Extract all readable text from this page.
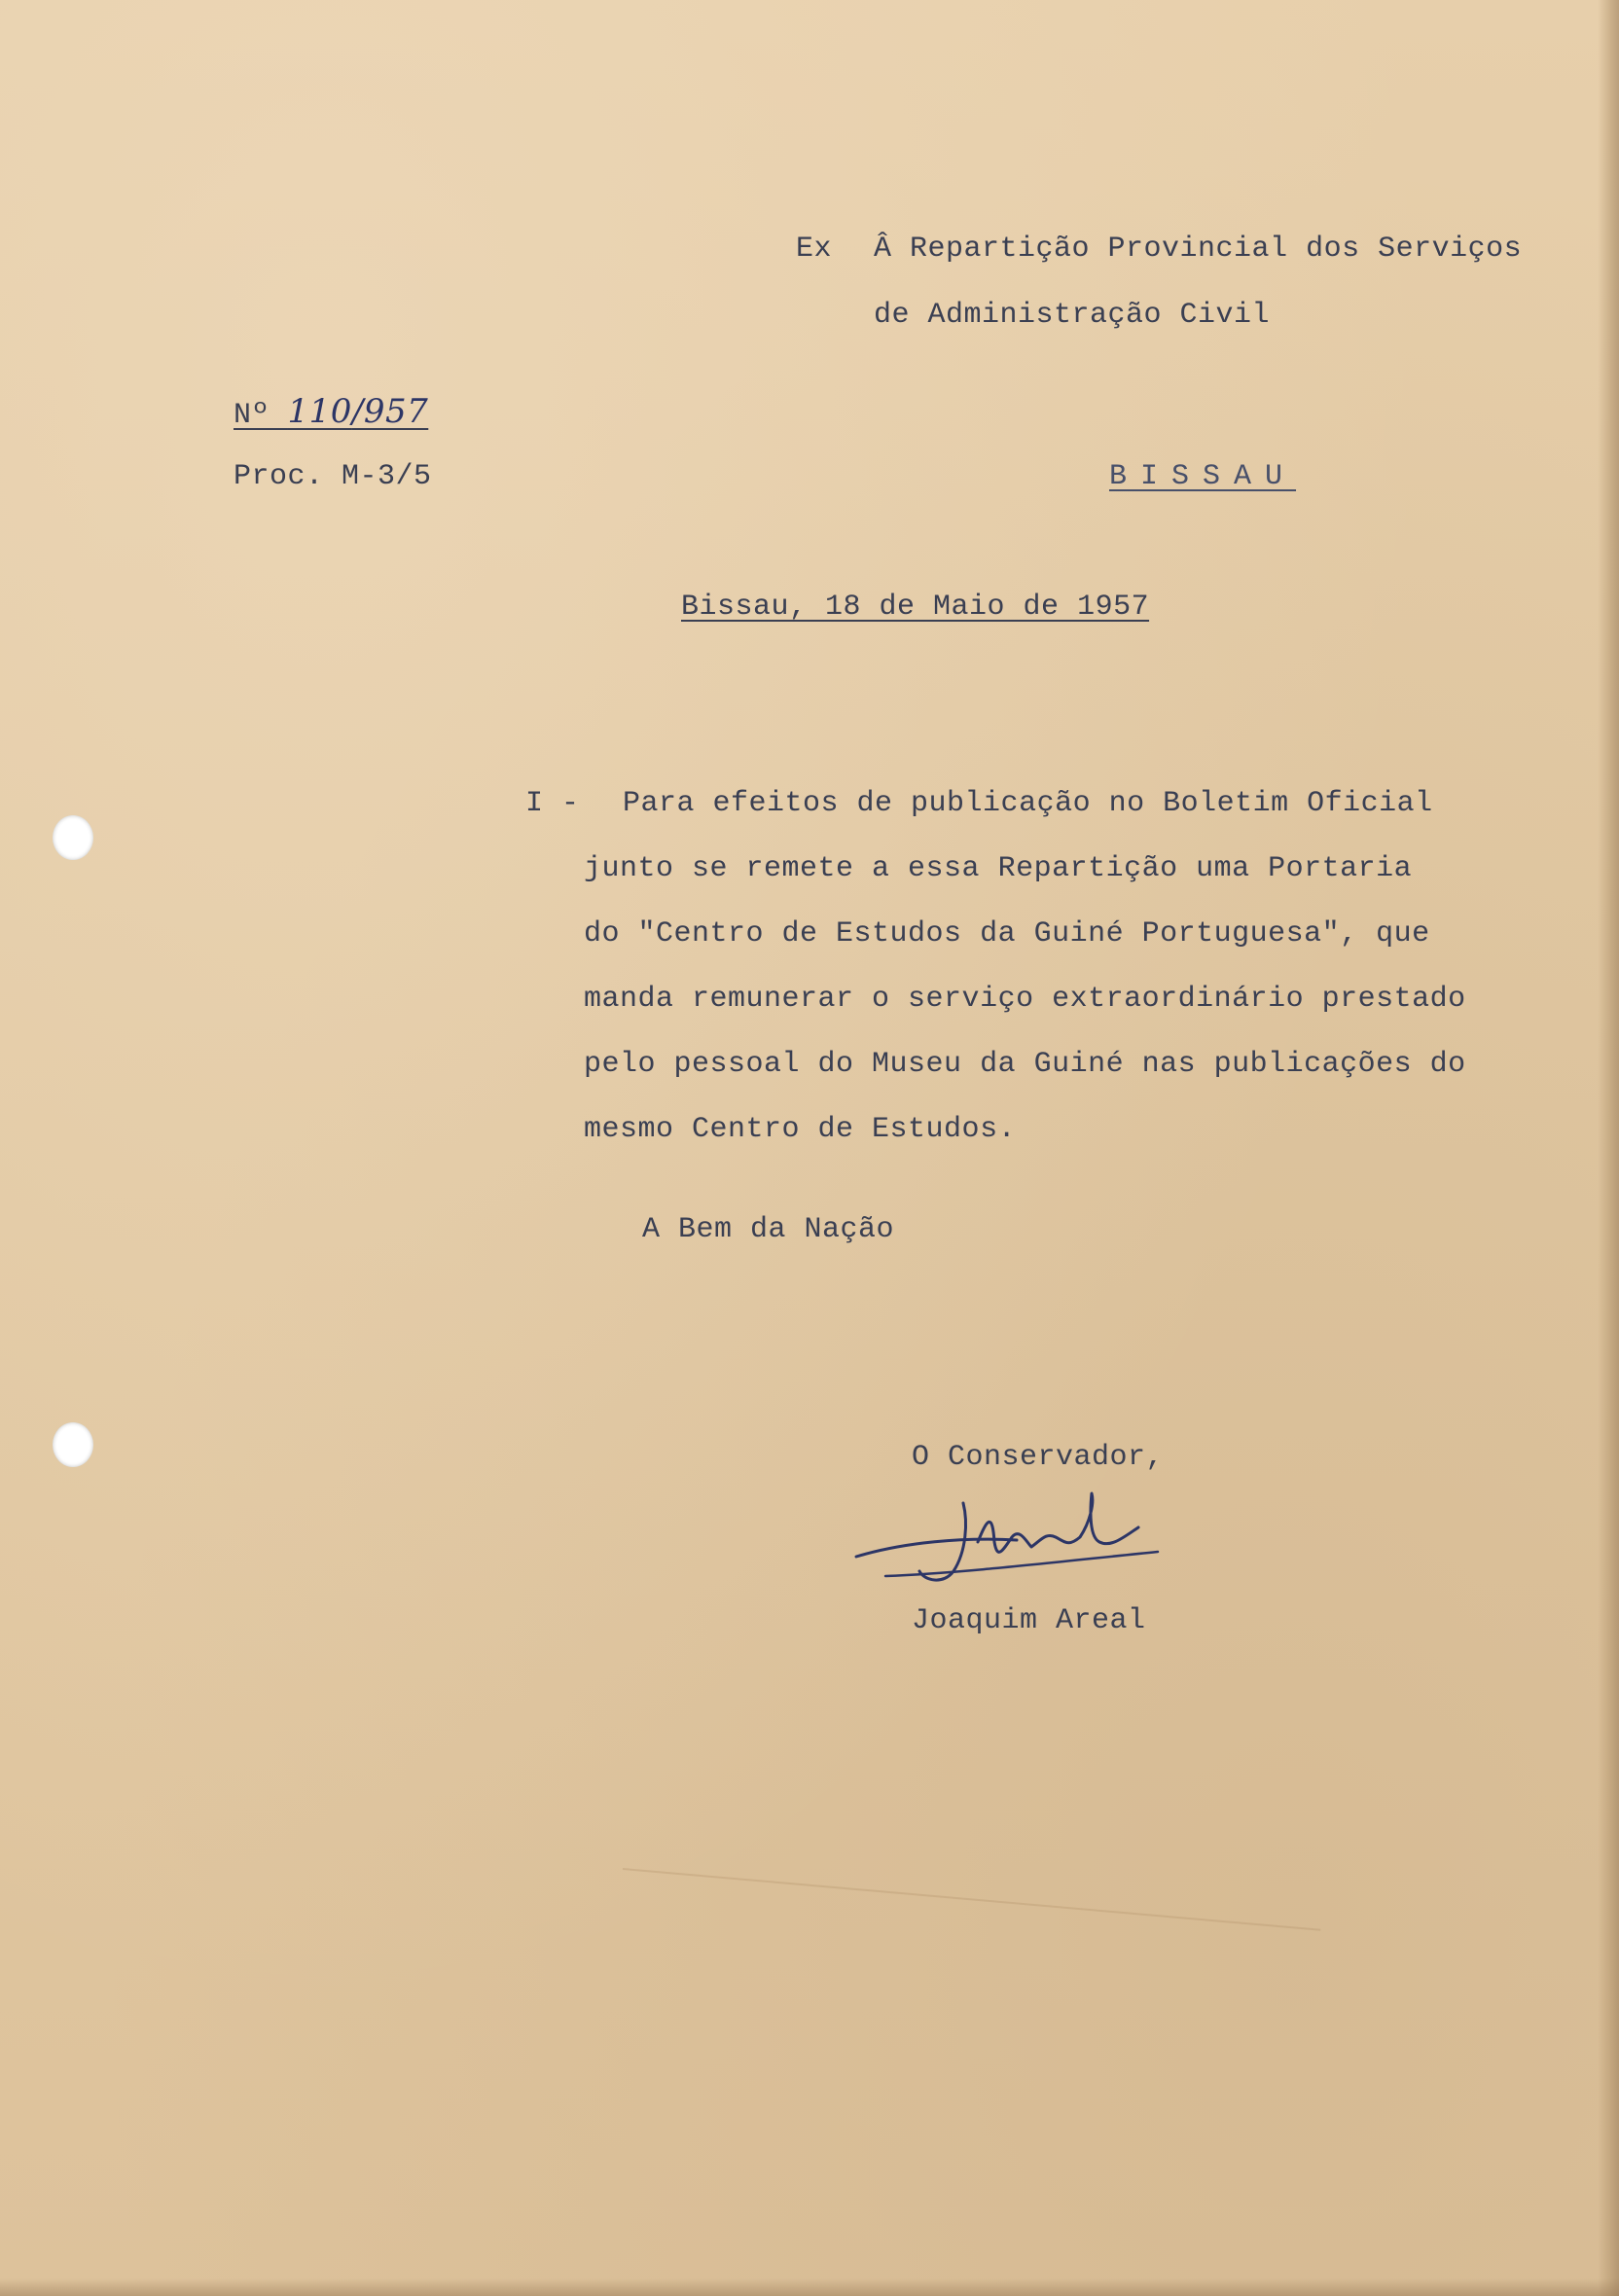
Ex Â Repartição Provincial dos Serviços

de Administração Civil

Nº 110/957

Proc. M-3/5	BISSAU

Bissau, 18 de Maio de 1957

I - Para efeitos de publicação no Boletim Oficial
junto se remete a essa Repartição uma Portaria
do "Centro de Estudos da Guiné Portuguesa", que
manda remunerar o serviço extraordinário prestado
pelo pessoal do Museu da Guiné nas publicações do
mesmo Centro de Estudos.

A Bem da Nação

O Conservador,

Joaquim Areal
